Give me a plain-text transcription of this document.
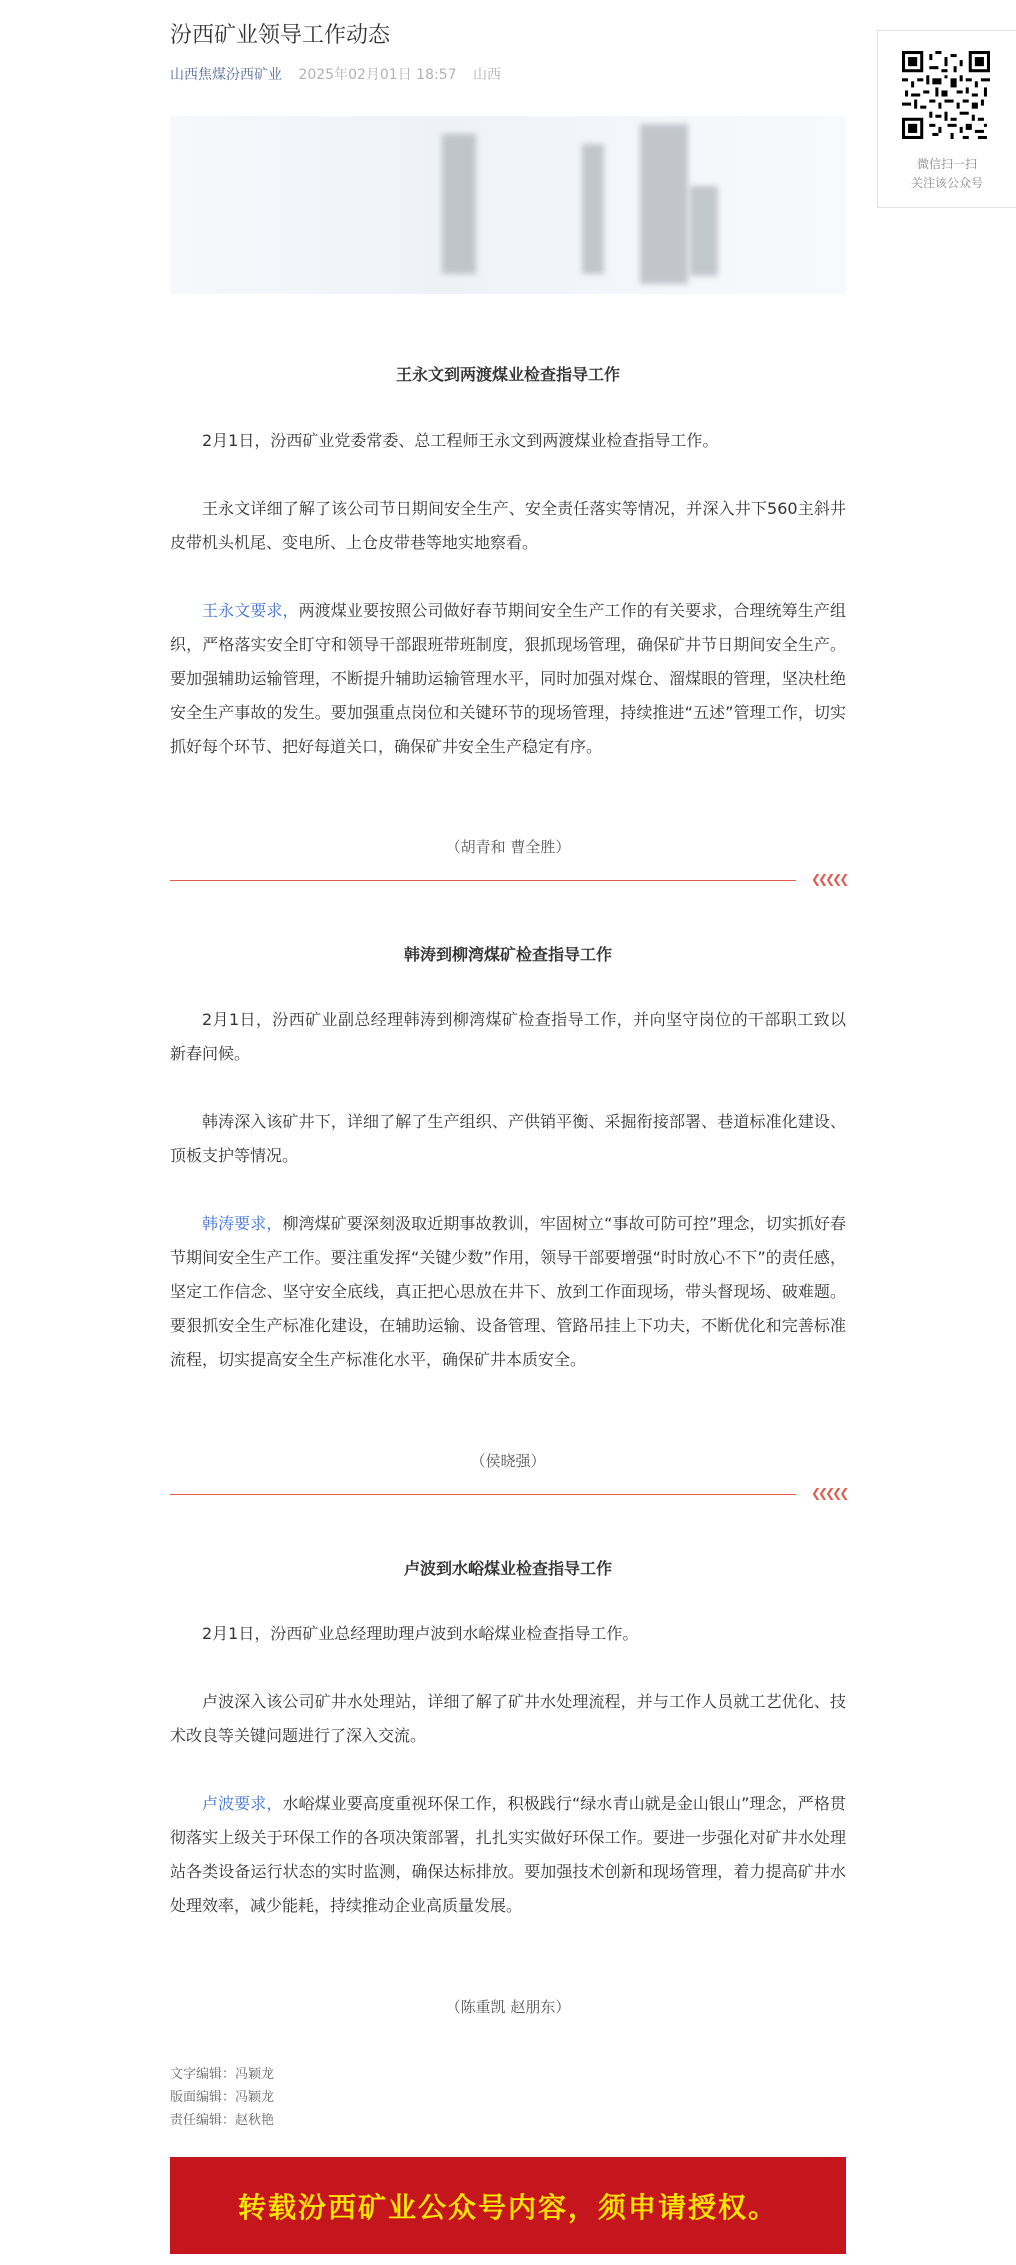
汾西矿业领导工作动态
山西焦煤汾西矿业 2025年02月01日 18:57 山西
王永文到两渡煤业检查指导工作

2月1日，汾西矿业党委常委、总工程师王永文到两渡煤业检查指导工作。

王永文详细了解了该公司节日期间安全生产、安全责任落实等情况，并深入井下560主斜井皮带机头机尾、变电所、上仓皮带巷等地实地察看。

王永文要求，两渡煤业要按照公司做好春节期间安全生产工作的有关要求，合理统筹生产组织，严格落实安全盯守和领导干部跟班带班制度，狠抓现场管理，确保矿井节日期间安全生产。要加强辅助运输管理，不断提升辅助运输管理水平，同时加强对煤仓、溜煤眼的管理，坚决杜绝安全生产事故的发生。要加强重点岗位和关键环节的现场管理，持续推进“五述”管理工作，切实抓好每个环节、把好每道关口，确保矿井安全生产稳定有序。

（胡青和 曹全胜）
❮❮❮❮❮
韩涛到柳湾煤矿检查指导工作

2月1日，汾西矿业副总经理韩涛到柳湾煤矿检查指导工作，并向坚守岗位的干部职工致以新春问候。

韩涛深入该矿井下，详细了解了生产组织、产供销平衡、采掘衔接部署、巷道标准化建设、顶板支护等情况。

韩涛要求，柳湾煤矿要深刻汲取近期事故教训，牢固树立“事故可防可控”理念，切实抓好春节期间安全生产工作。要注重发挥“关键少数”作用，领导干部要增强“时时放心不下”的责任感，坚定工作信念、坚守安全底线，真正把心思放在井下、放到工作面现场，带头督现场、破难题。要狠抓安全生产标准化建设，在辅助运输、设备管理、管路吊挂上下功夫，不断优化和完善标准流程，切实提高安全生产标准化水平，确保矿井本质安全。

（侯晓强）
❮❮❮❮❮
卢波到水峪煤业检查指导工作

2月1日，汾西矿业总经理助理卢波到水峪煤业检查指导工作。

卢波深入该公司矿井水处理站，详细了解了矿井水处理流程，并与工作人员就工艺优化、技术改良等关键问题进行了深入交流。

卢波要求，水峪煤业要高度重视环保工作，积极践行“绿水青山就是金山银山”理念，严格贯彻落实上级关于环保工作的各项决策部署，扎扎实实做好环保工作。要进一步强化对矿井水处理站各类设备运行状态的实时监测，确保达标排放。要加强技术创新和现场管理，着力提高矿井水处理效率，减少能耗，持续推动企业高质量发展。

（陈重凯 赵朋东）
文字编辑：冯颖龙
版面编辑：冯颖龙
责任编辑：赵秋艳
转载汾西矿业公众号内容，须申请授权。
微信扫一扫
关注该公众号
